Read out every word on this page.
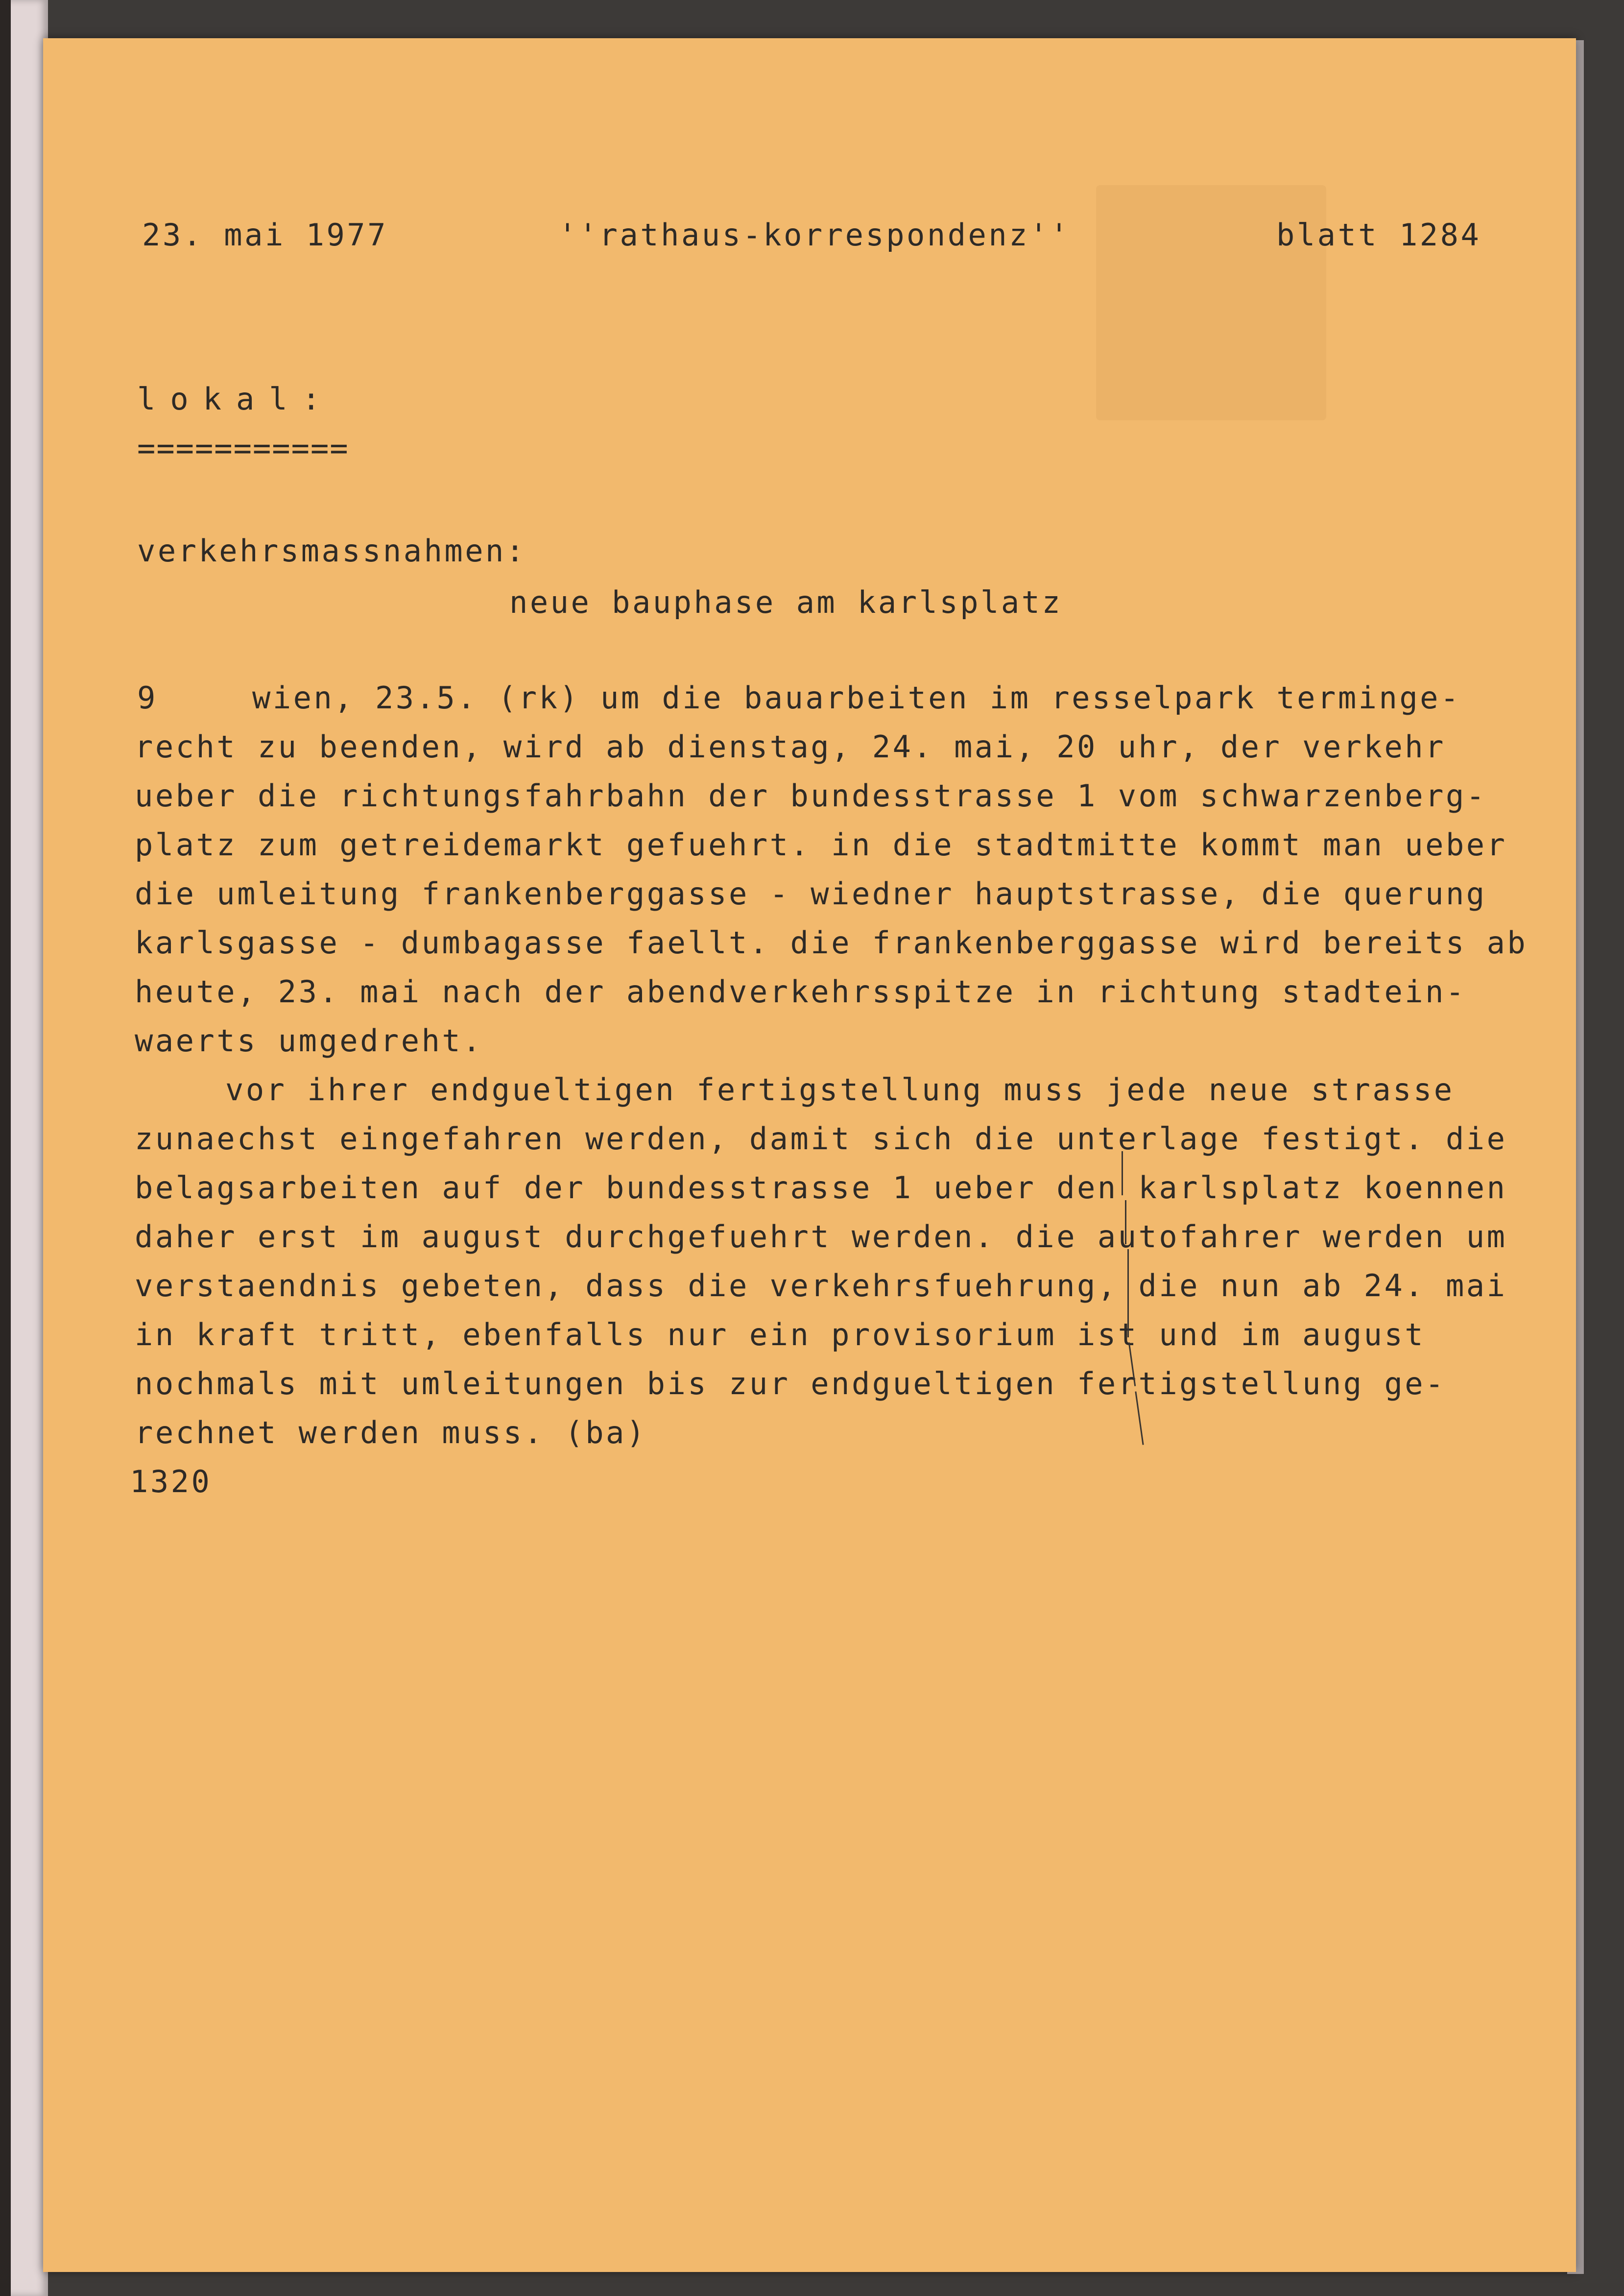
23. mai 1977	''rathaus-korrespondenz''	blatt 1284
lokal:
===========
verkehrsmassnahmen:
neue bauphase am karlsplatz
9	wien, 23.5. (rk) um die bauarbeiten im resselpark terminge-
recht zu beenden, wird ab dienstag, 24. mai, 20 uhr, der verkehr
ueber die richtungsfahrbahn der bundesstrasse 1 vom schwarzenberg-
platz zum getreidemarkt gefuehrt. in die stadtmitte kommt man ueber
die umleitung frankenberggasse - wiedner hauptstrasse, die querung
karlsgasse - dumbagasse faellt. die frankenberggasse wird bereits ab
heute, 23. mai nach der abendverkehrsspitze in richtung stadtein-
waerts umgedreht.
vor ihrer endgueltigen fertigstellung muss jede neue strasse
zunaechst eingefahren werden, damit sich die unterlage festigt. die
belagsarbeiten auf der bundesstrasse 1 ueber den karlsplatz koennen
daher erst im august durchgefuehrt werden. die autofahrer werden um
verstaendnis gebeten, dass die verkehrsfuehrung, die nun ab 24. mai
in kraft tritt, ebenfalls nur ein provisorium ist und im august
nochmals mit umleitungen bis zur endgueltigen fertigstellung ge-
rechnet werden muss. (ba)
1320
